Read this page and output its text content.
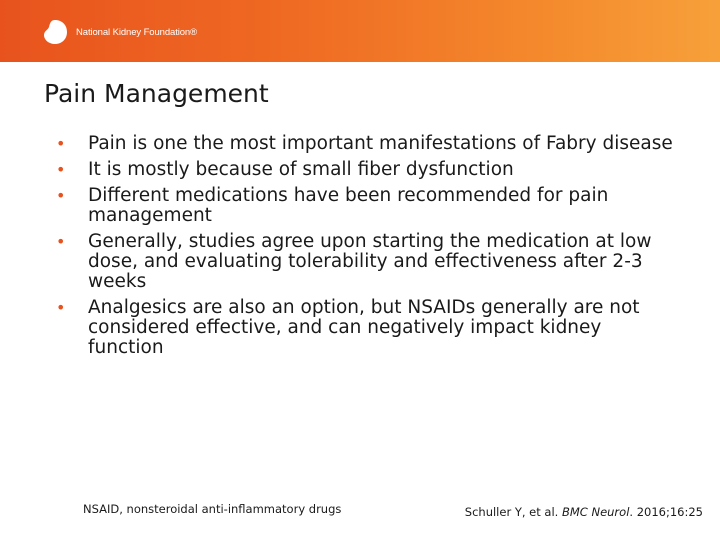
National Kidney Foundation®
Pain Management
• Pain is one the most important manifestations of Fabry disease
• It is mostly because of small fiber dysfunction
• Different medications have been recommended for pain management
• Generally, studies agree upon starting the medication at low dose, and evaluating tolerability and effectiveness after 2-3 weeks
• Analgesics are also an option, but NSAIDs generally are not considered effective, and can negatively impact kidney function
NSAID, nonsteroidal anti-inflammatory drugs	Schuller Y, et al. BMC Neurol. 2016;16:25
